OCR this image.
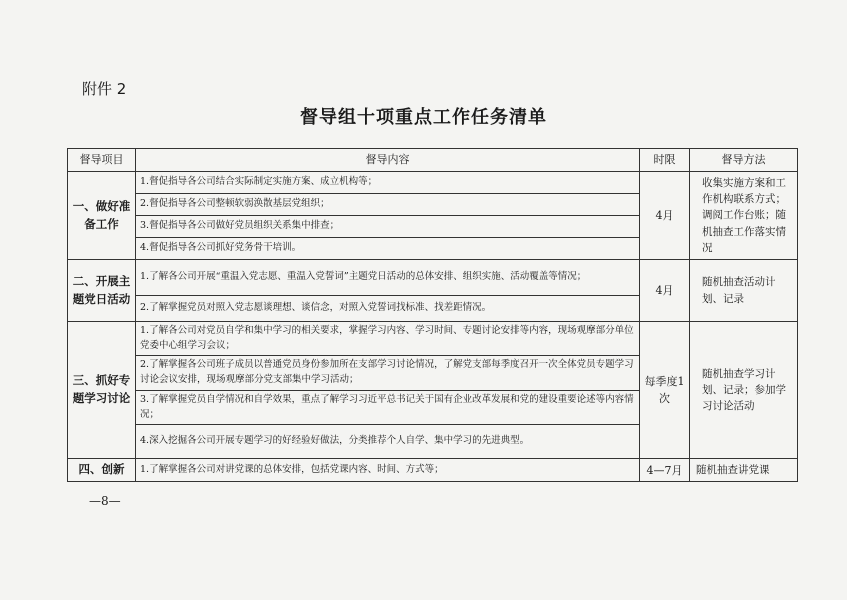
附件 2
督导组十项重点工作任务清单
督导项目	督导内容	时限	督导方法
一、做好准备工作	1.督促指导各公司结合实际制定实施方案、成立机构等；	4月	收集实施方案和工作机构联系方式；调阅工作台账；随机抽查工作落实情况
	2.督促指导各公司整顿软弱涣散基层党组织；		
	3.督促指导各公司做好党员组织关系集中排查；		
	4.督促指导各公司抓好党务骨干培训。		
二、开展主题党日活动	1.了解各公司开展“重温入党志愿、重温入党誓词”主题党日活动的总体安排、组织实施、活动覆盖等情况；	4月	随机抽查活动计划、记录
	2.了解掌握党员对照入党志愿谈理想、谈信念，对照入党誓词找标准、找差距情况。		
三、抓好专题学习讨论	1.了解各公司对党员自学和集中学习的相关要求，掌握学习内容、学习时间、专题讨论安排等内容，现场观摩部分单位党委中心组学习会议；	每季度1次	随机抽查学习计划、记录；参加学习讨论活动
	2.了解掌握各公司班子成员以普通党员身份参加所在支部学习讨论情况，了解党支部每季度召开一次全体党员专题学习讨论会议安排，现场观摩部分党支部集中学习活动；		
	3.了解掌握党员自学情况和自学效果，重点了解学习习近平总书记关于国有企业改革发展和党的建设重要论述等内容情况；		
	4.深入挖掘各公司开展专题学习的好经验好做法，分类推荐个人自学、集中学习的先进典型。		
四、创新	1.了解掌握各公司对讲党课的总体安排，包括党课内容、时间、方式等；	4—7月	随机抽查讲党课
—8—
